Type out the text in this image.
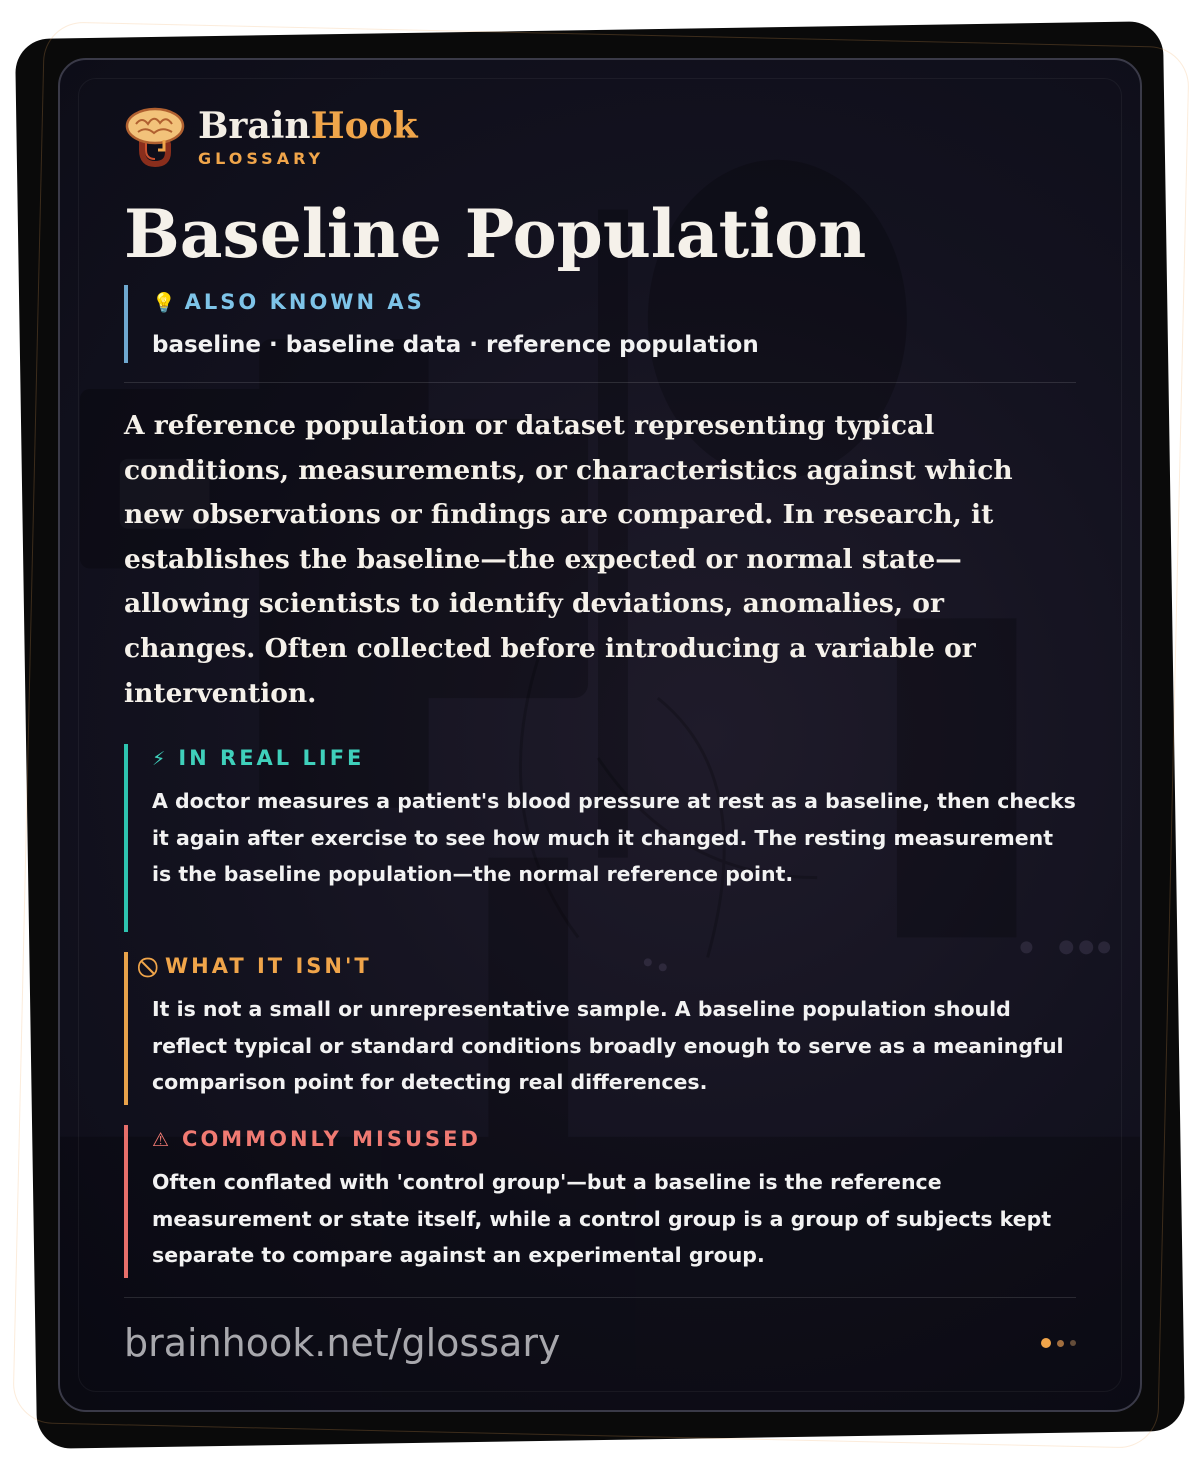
BrainHook
GLOSSARY
Baseline Population
💡 ALSO KNOWN AS
baseline · baseline data · reference population

A reference population or dataset representing typical conditions, measurements, or characteristics against which new observations or findings are compared. In research, it establishes the baseline—the expected or normal state—allowing scientists to identify deviations, anomalies, or changes. Often collected before introducing a variable or intervention.

⚡ IN REAL LIFE
A doctor measures a patient's blood pressure at rest as a baseline, then checks it again after exercise to see how much it changed. The resting measurement is the baseline population—the normal reference point.
⃠ WHAT IT ISN'T
It is not a small or unrepresentative sample. A baseline population should reflect typical or standard conditions broadly enough to serve as a meaningful comparison point for detecting real differences.
⚠ COMMONLY MISUSED
Often conflated with 'control group'—but a baseline is the reference measurement or state itself, while a control group is a group of subjects kept separate to compare against an experimental group.
brainhook.net/glossary
